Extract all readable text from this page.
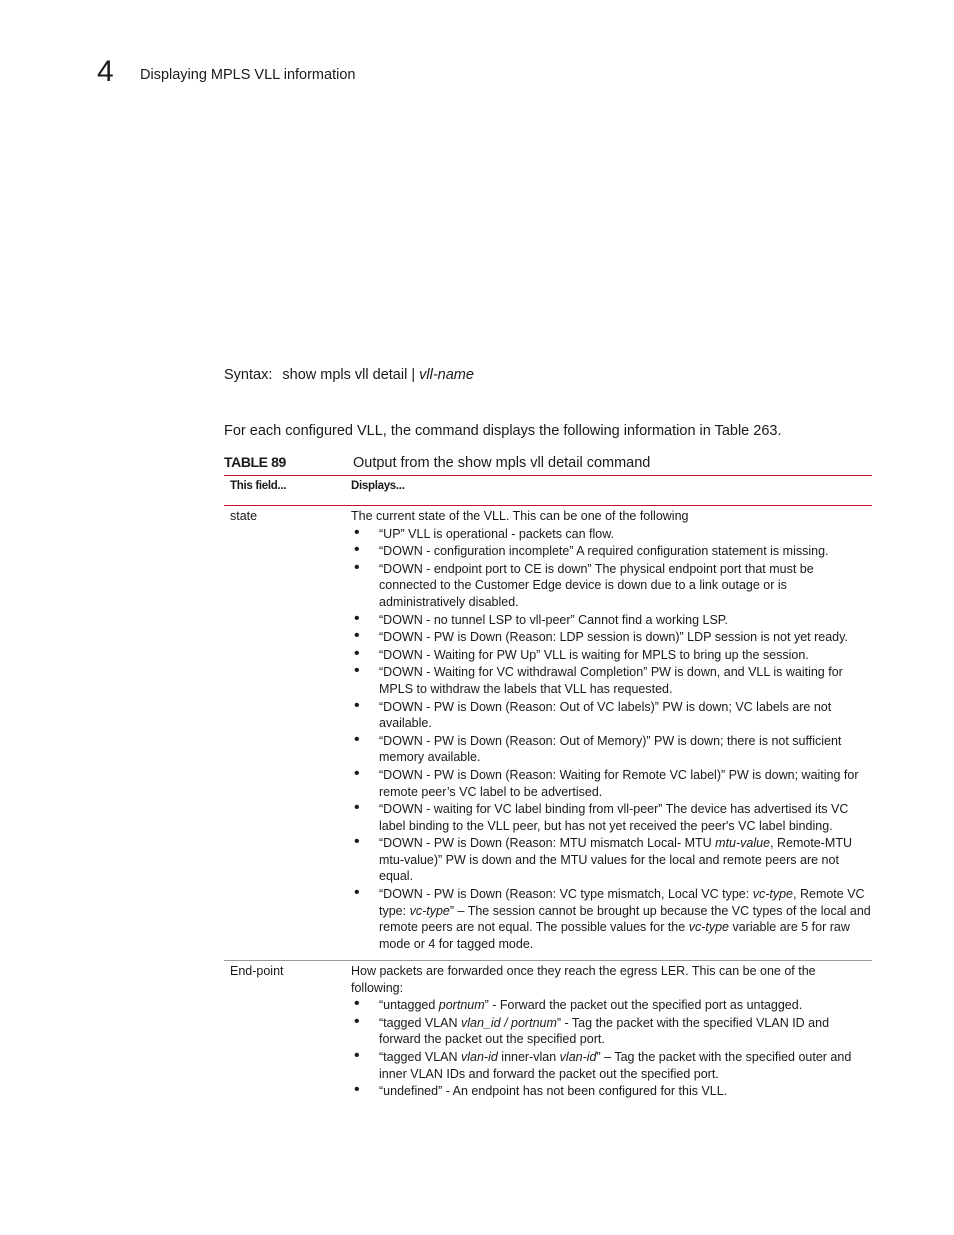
4 Displaying MPLS VLL information
Syntax: show mpls vll detail | vll-name
For each configured VLL, the command displays the following information in Table 263.
TABLE 89	Output from the show mpls vll detail command
This field...	Displays...
state	The current state of the VLL. This can be one of the following
• “UP” VLL is operational - packets can flow.
• “DOWN - configuration incomplete” A required configuration statement is missing.
• “DOWN - endpoint port to CE is down” The physical endpoint port that must be connected to the Customer Edge device is down due to a link outage or is administratively disabled.
• “DOWN - no tunnel LSP to vll-peer” Cannot find a working LSP.
• “DOWN - PW is Down (Reason: LDP session is down)” LDP session is not yet ready.
• “DOWN - Waiting for PW Up” VLL is waiting for MPLS to bring up the session.
• “DOWN - Waiting for VC withdrawal Completion” PW is down, and VLL is waiting for MPLS to withdraw the labels that VLL has requested.
• “DOWN - PW is Down (Reason: Out of VC labels)” PW is down; VC labels are not available.
• “DOWN - PW is Down (Reason: Out of Memory)” PW is down; there is not sufficient memory available.
• “DOWN - PW is Down (Reason: Waiting for Remote VC label)” PW is down; waiting for remote peer’s VC label to be advertised.
• “DOWN - waiting for VC label binding from vll-peer” The device has advertised its VC label binding to the VLL peer, but has not yet received the peer's VC label binding.
• “DOWN - PW is Down (Reason: MTU mismatch Local- MTU mtu-value, Remote-MTU mtu-value)” PW is down and the MTU values for the local and remote peers are not equal.
• “DOWN - PW is Down (Reason: VC type mismatch, Local VC type: vc-type, Remote VC type: vc-type” – The session cannot be brought up because the VC types of the local and remote peers are not equal. The possible values for the vc-type variable are 5 for raw mode or 4 for tagged mode.
End-point	How packets are forwarded once they reach the egress LER. This can be one of the following:
• “untagged portnum” - Forward the packet out the specified port as untagged.
• “tagged VLAN vlan_id / portnum” - Tag the packet with the specified VLAN ID and forward the packet out the specified port.
• “tagged VLAN vlan-id inner-vlan vlan-id” – Tag the packet with the specified outer and inner VLAN IDs and forward the packet out the specified port.
• “undefined” - An endpoint has not been configured for this VLL.
